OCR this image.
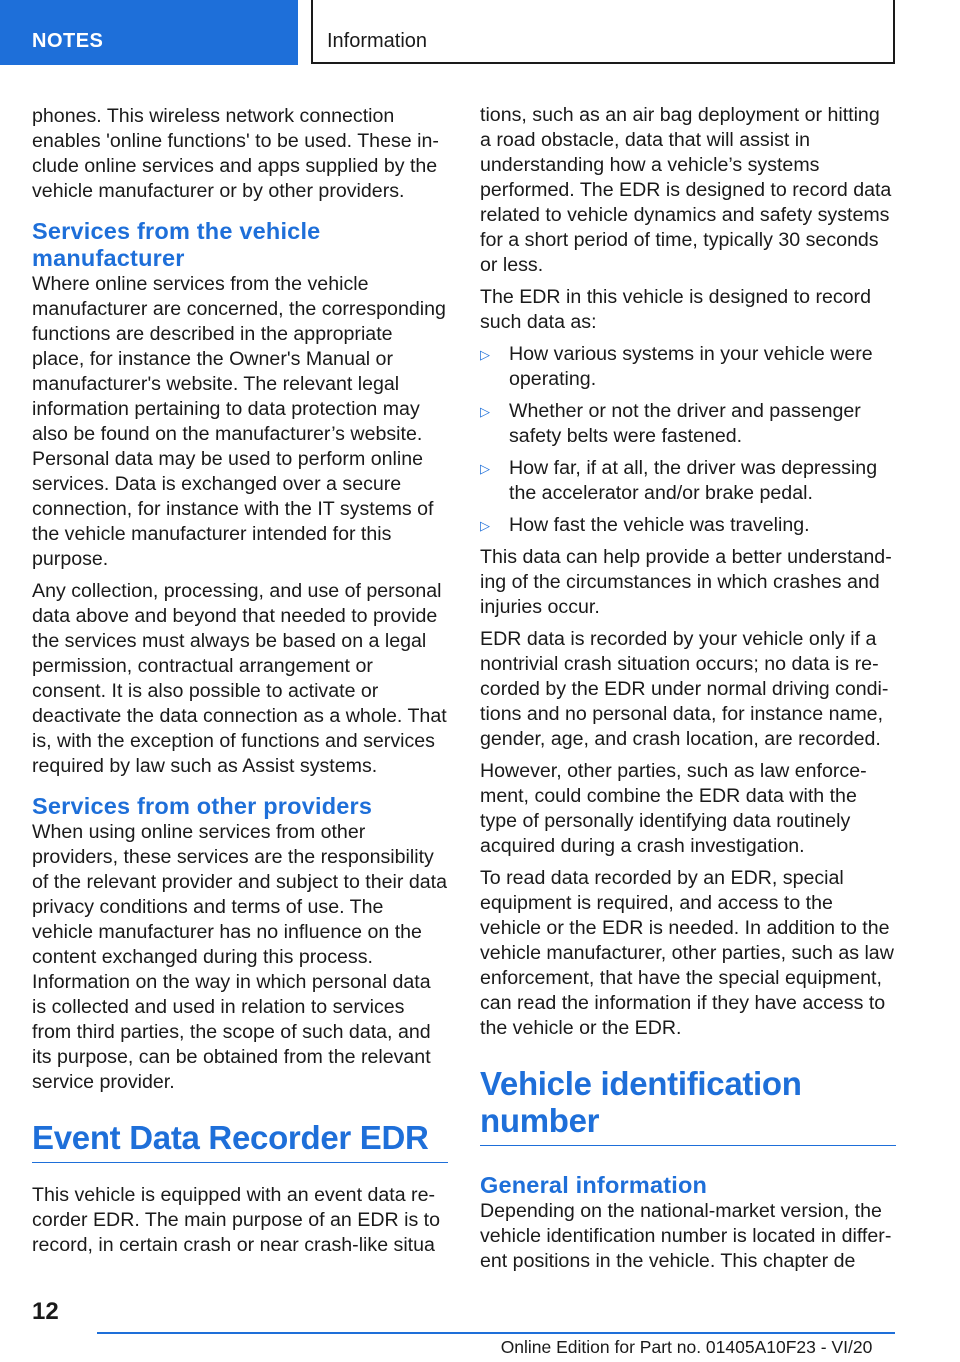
NOTES	Information

phones. This wireless network connection enables 'online functions' to be used. These include online services and apps supplied by the vehicle manufacturer or by other providers.

Services from the vehicle manufacturer

Where online services from the vehicle manufacturer are concerned, the corresponding functions are described in the appropriate place, for instance the Owner's Manual or manufacturer's website. The relevant legal information pertaining to data protection may also be found on the manufacturer’s website. Personal data may be used to perform online services. Data is exchanged over a secure connection, for instance with the IT systems of the vehicle manufacturer intended for this purpose.

Any collection, processing, and use of personal data above and beyond that needed to provide the services must always be based on a legal permission, contractual arrangement or consent. It is also possible to activate or deactivate the data connection as a whole. That is, with the exception of functions and services required by law such as Assist systems.

Services from other providers

When using online services from other providers, these services are the responsibility of the relevant provider and subject to their data privacy conditions and terms of use. The vehicle manufacturer has no influence on the content exchanged during this process. Information on the way in which personal data is collected and used in relation to services from third parties, the scope of such data, and its purpose, can be obtained from the relevant service provider.

Event Data Recorder EDR

This vehicle is equipped with an event data recorder EDR. The main purpose of an EDR is to record, in certain crash or near crash-like situa

tions, such as an air bag deployment or hitting a road obstacle, data that will assist in understanding how a vehicle’s systems performed. The EDR is designed to record data related to vehicle dynamics and safety systems for a short period of time, typically 30 seconds or less.

The EDR in this vehicle is designed to record such data as:

▷ How various systems in your vehicle were operating.
▷ Whether or not the driver and passenger safety belts were fastened.
▷ How far, if at all, the driver was depressing the accelerator and/or brake pedal.
▷ How fast the vehicle was traveling.

This data can help provide a better understanding of the circumstances in which crashes and injuries occur.

EDR data is recorded by your vehicle only if a nontrivial crash situation occurs; no data is recorded by the EDR under normal driving conditions and no personal data, for instance name, gender, age, and crash location, are recorded.

However, other parties, such as law enforcement, could combine the EDR data with the type of personally identifying data routinely acquired during a crash investigation.

To read data recorded by an EDR, special equipment is required, and access to the vehicle or the EDR is needed. In addition to the vehicle manufacturer, other parties, such as law enforcement, that have the special equipment, can read the information if they have access to the vehicle or the EDR.

Vehicle identification number
General information

Depending on the national-market version, the vehicle identification number is located in different positions in the vehicle. This chapter de

12
Online Edition for Part no. 01405A10F23 - VI/20
